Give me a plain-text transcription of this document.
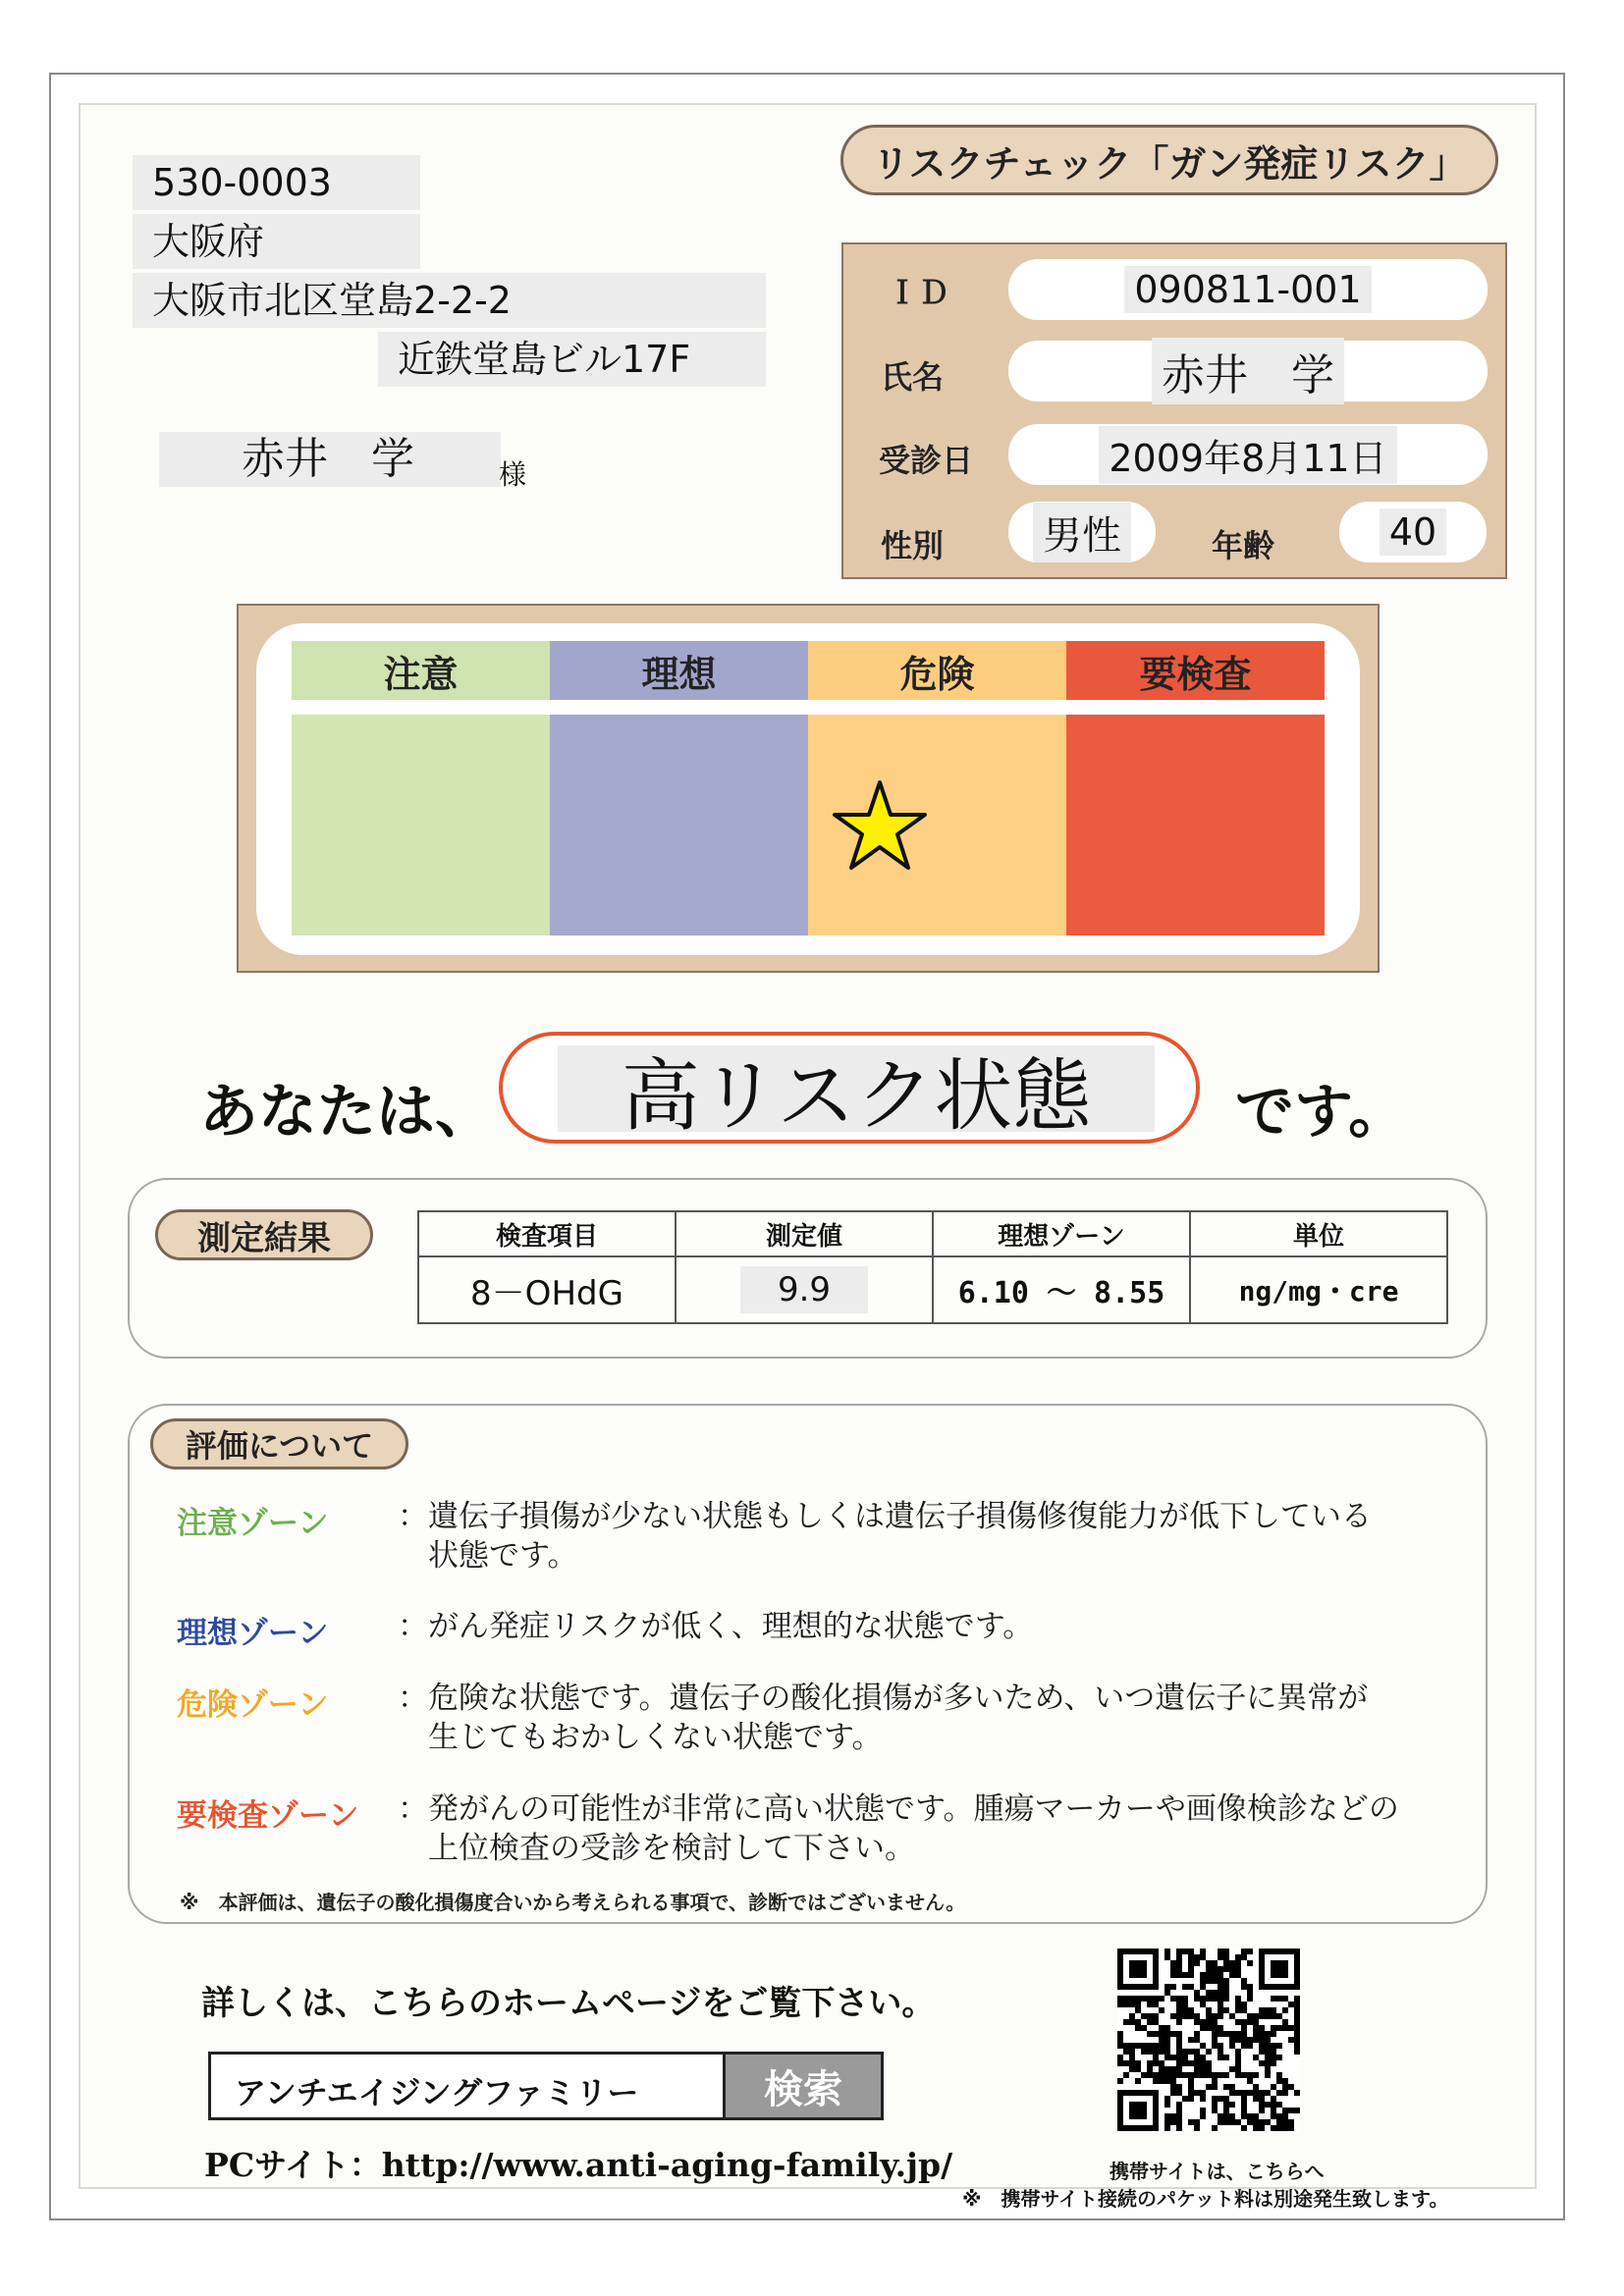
530-0003
大阪府
大阪市北区堂島2-2-2
近鉄堂島ビル17F
赤井　学	様
リスクチェック「ガン発症リスク」
ＩＤ	090811-001
氏名	赤井　学
受診日	2009年8月11日
性別	男性	年齢	40
注意	理想	危険	要検査
あなたは、	高リスク状態	です。
測定結果	検査項目	測定値	理想ゾーン	単位
8－OHdG	9.9	6.10 ～ 8.55	ng/mg・cre
評価について
注意ゾーン ：遺伝子損傷が少ない状態もしくは遺伝子損傷修復能力が低下している
　状態です。
理想ゾーン ：がん発症リスクが低く、理想的な状態です。
危険ゾーン ：危険な状態です。遺伝子の酸化損傷が多いため、いつ遺伝子に異常が
　生じてもおかしくない状態です。
要検査ゾーン ：発がんの可能性が非常に高い状態です。腫瘍マーカーや画像検診などの
　上位検査の受診を検討して下さい。
※　本評価は、遺伝子の酸化損傷度合いから考えられる事項で、診断ではございません。
詳しくは、こちらのホームページをご覧下さい。
アンチエイジングファミリー	検索
PCサイト：http://www.anti-aging-family.jp/	携帯サイトは、こちらへ
※　携帯サイト接続のパケット料は別途発生致します。
